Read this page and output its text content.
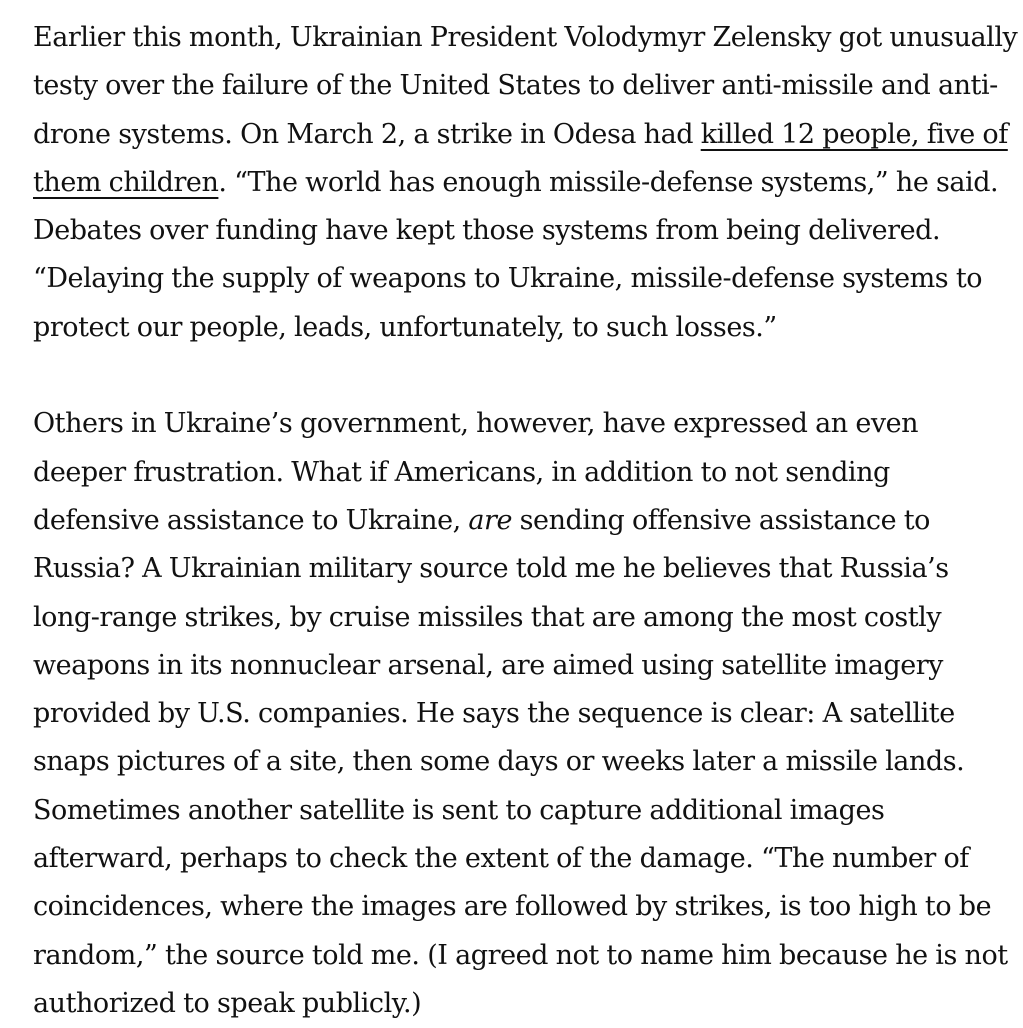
Earlier this month, Ukrainian President Volodymyr Zelensky got unusually testy over the failure of the United States to deliver anti-missile and anti-drone systems. On March 2, a strike in Odesa had killed 12 people, five of them children. “The world has enough missile-defense systems,” he said. Debates over funding have kept those systems from being delivered. “Delaying the supply of weapons to Ukraine, missile-defense systems to protect our people, leads, unfortunately, to such losses.”

Others in Ukraine’s government, however, have expressed an even deeper frustration. What if Americans, in addition to not sending defensive assistance to Ukraine, are sending offensive assistance to Russia? A Ukrainian military source told me he believes that Russia’s long-range strikes, by cruise missiles that are among the most costly weapons in its nonnuclear arsenal, are aimed using satellite imagery provided by U.S. companies. He says the sequence is clear: A satellite snaps pictures of a site, then some days or weeks later a missile lands. Sometimes another satellite is sent to capture additional images afterward, perhaps to check the extent of the damage. “The number of coincidences, where the images are followed by strikes, is too high to be random,” the source told me. (I agreed not to name him because he is not authorized to speak publicly.)
